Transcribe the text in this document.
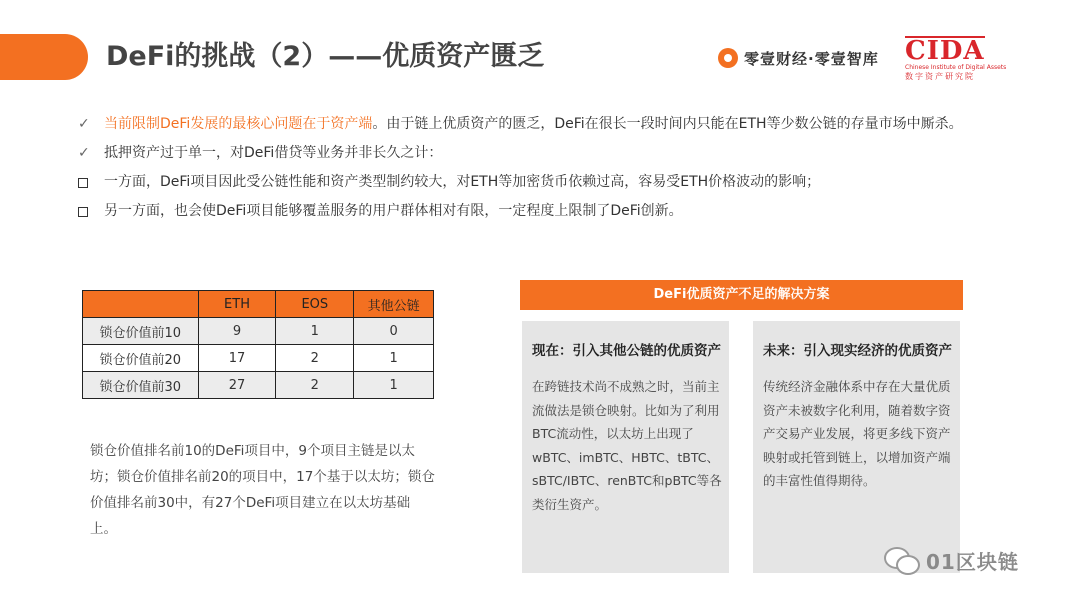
DeFi的挑战（2）——优质资产匮乏	零壹财经·零壹智库 CIDA
Chinese Institute of Digital Assets
数字资产研究院
✓	当前限制DeFi发展的最核心问题在于资产端。由于链上优质资产的匮乏，DeFi在很长一段时间内只能在ETH等少数公链的存量市场中厮杀。
✓	抵押资产过于单一，对DeFi借贷等业务并非长久之计：
一方面，DeFi项目因此受公链性能和资产类型制约较大，对ETH等加密货币依赖过高，容易受ETH价格波动的影响；
另一方面，也会使DeFi项目能够覆盖服务的用户群体相对有限，一定程度上限制了DeFi创新。
	ETH	EOS	其他公链
锁仓价值前10	9	1	0
锁仓价值前20	17	2	1
锁仓价值前30	27	2	1
锁仓价值排名前10的DeFi项目中，9个项目主链是以太坊；锁仓价值排名前20的项目中，17个基于以太坊；锁仓价值排名前30中，有27个DeFi项目建立在以太坊基础上。
DeFi优质资产不足的解决方案
现在：引入其他公链的优质资产
在跨链技术尚不成熟之时，当前主流做法是锁仓映射。比如为了利用BTC流动性，以太坊上出现了wBTC、imBTC、HBTC、tBTC、sBTC/IBTC、renBTC和pBTC等各类衍生资产。
未来：引入现实经济的优质资产
传统经济金融体系中存在大量优质资产未被数字化利用，随着数字资产交易产业发展，将更多线下资产映射或托管到链上，以增加资产端的丰富性值得期待。
01区块链
